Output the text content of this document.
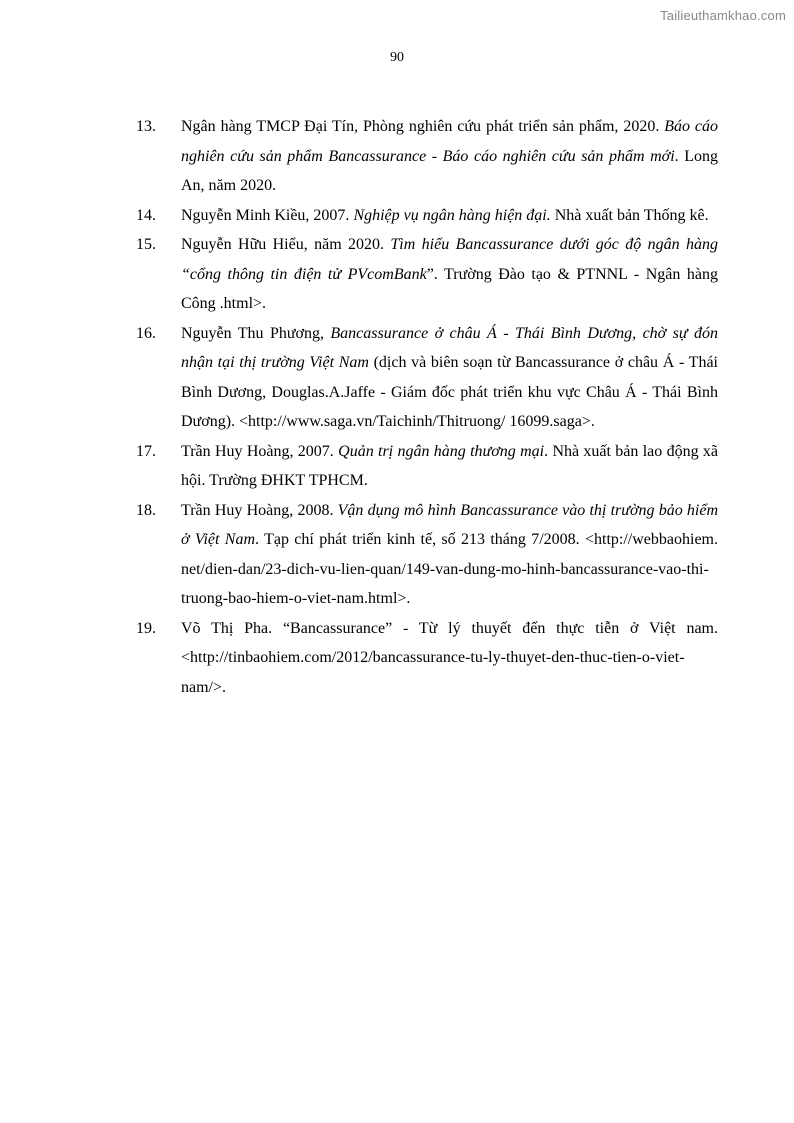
Tailieuthamkhao.com
90
13.	Ngân hàng TMCP Đại Tín, Phòng nghiên cứu phát triển sản phẩm, 2020. Báo cáo nghiên cứu sản phẩm Bancassurance - Báo cáo nghiên cứu sản phẩm mới. Long An, năm 2020.
14.	Nguyễn Minh Kiều, 2007. Nghiệp vụ ngân hàng hiện đại. Nhà xuất bản Thống kê.
15.	Nguyễn Hữu Hiểu, năm 2020. Tìm hiểu Bancassurance dưới góc độ ngân hàng “cổng thông tin điện tử PVcomBank”. Trường Đào tạo & PTNNL - Ngân hàng Công .html>.
16.	Nguyễn Thu Phương, Bancassurance ở châu Á - Thái Bình Dương, chờ sự đón nhận tại thị trường Việt Nam (dịch và biên soạn từ Bancassurance ở châu Á - Thái Bình Dương, Douglas.A.Jaffe - Giám đốc phát triển khu vực Châu Á - Thái Bình Dương). <http://www.saga.vn/Taichinh/Thitruong/ 16099.saga>.
17.	Trần Huy Hoàng, 2007. Quản trị ngân hàng thương mại. Nhà xuất bản lao động xã hội. Trường ĐHKT TPHCM.
18.	Trần Huy Hoàng, 2008. Vận dụng mô hình Bancassurance vào thị trường bảo hiểm ở Việt Nam. Tạp chí phát triển kinh tế, số 213 tháng 7/2008. <http://webbaohiem. net/dien-dan/23-dich-vu-lien-quan/149-van-dung-mo-hinh-bancassurance-vao-thi-truong-bao-hiem-o-viet-nam.html>.
19.	Võ Thị Pha. “Bancassurance” - Từ lý thuyết đến thực tiễn ở Việt nam. <http://tinbaohiem.com/2012/bancassurance-tu-ly-thuyet-den-thuc-tien-o-viet-nam/>.
